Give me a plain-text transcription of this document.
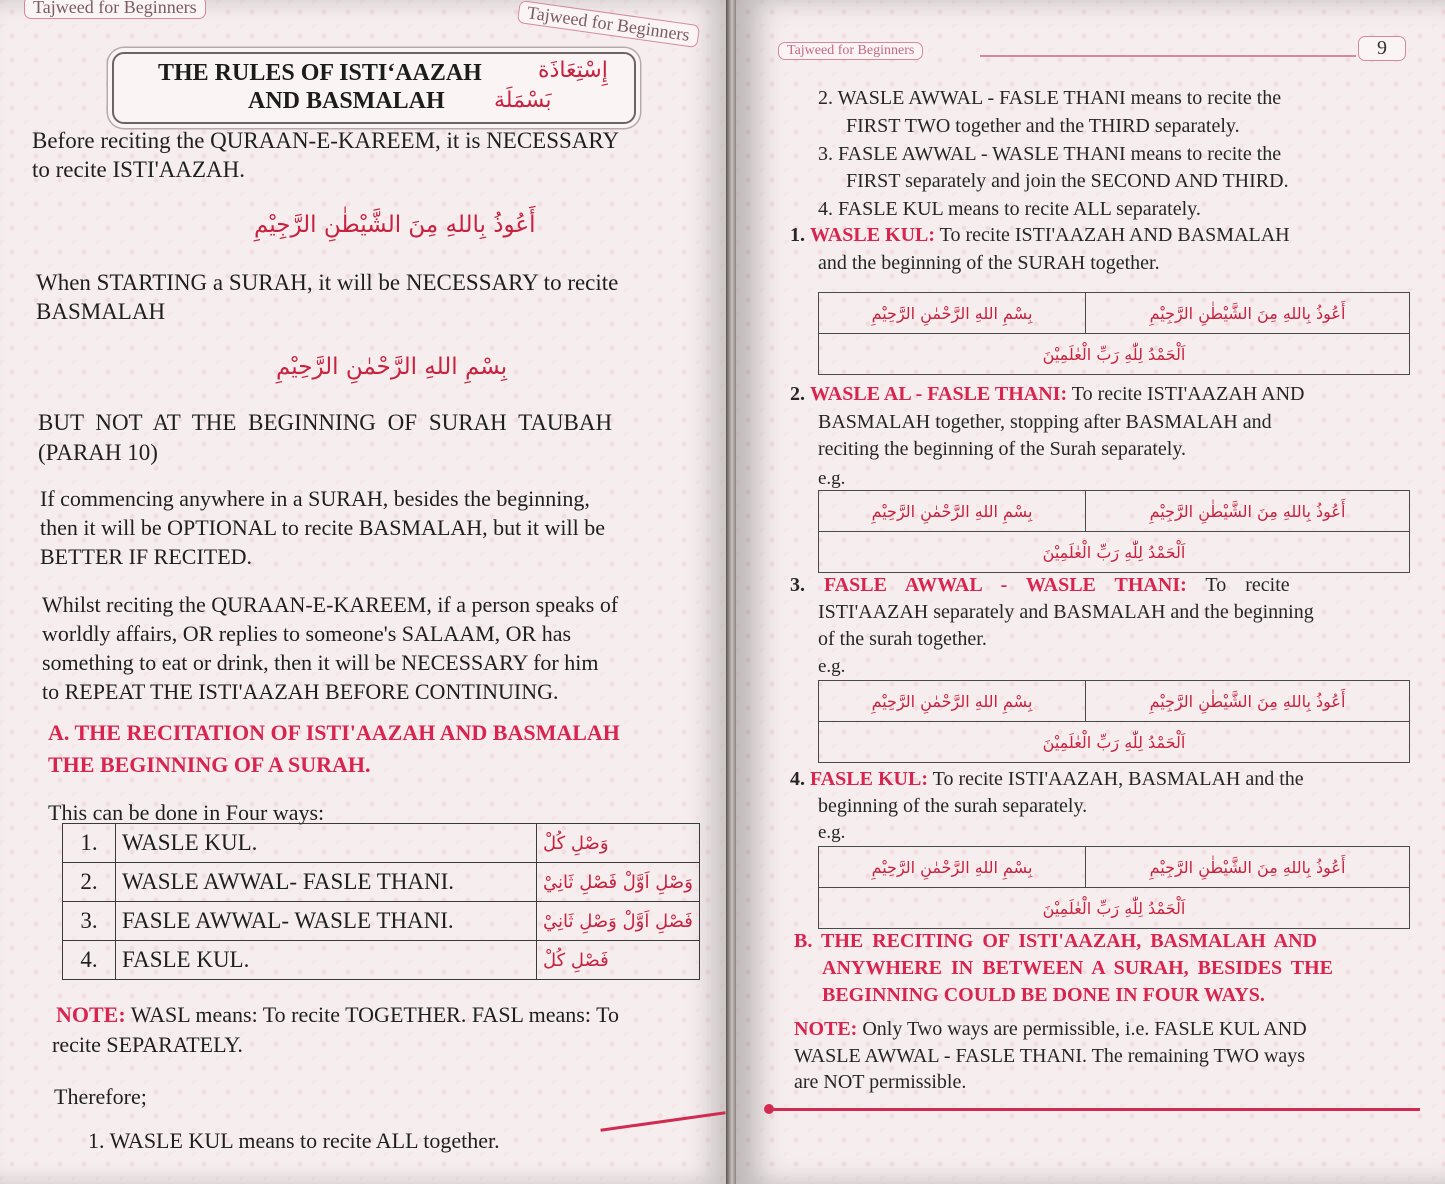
Tajweed for Beginners	Tajweed for Beginners
THE RULES OF ISTI‘AAZAH
AND BASMALAH
إِسْتِعَاذَة
بَسْمَلَة

Before reciting the QURAAN-E-KAREEM, it is NECESSARY

to recite ISTI'AAZAH.

أَعُوذُ بِاللهِ مِنَ الشَّيْطٰنِ الرَّجِيْمِ

When STARTING a SURAH, it will be NECESSARY to recite

BASMALAH

بِسْمِ اللهِ الرَّحْمٰنِ الرَّحِيْمِ

BUT NOT AT THE BEGINNING OF SURAH TAUBAH

(PARAH 10)

If commencing anywhere in a SURAH, besides the beginning,

then it will be OPTIONAL to recite BASMALAH, but it will be

BETTER IF RECITED.

Whilst reciting the QURAAN-E-KAREEM, if a person speaks of

worldly affairs, OR replies to someone's SALAAM, OR has

something to eat or drink, then it will be NECESSARY for him

to REPEAT THE ISTI'AAZAH BEFORE CONTINUING.

A. THE RECITATION OF ISTI'AAZAH AND BASMALAH

THE BEGINNING OF A SURAH.

This can be done in Four ways:

1.	WASLE KUL.	وَصْلِ كُلْ
2.	WASLE AWWAL- FASLE THANI.	وَصْلِ اَوَّلْ فَصْلِ ثَانِيْ
3.	FASLE AWWAL- WASLE THANI.	فَصْلِ اَوَّلْ وَصْلِ ثَانِيْ
4.	FASLE KUL.	فَصْلِ كُلْ

NOTE: WASL means: To recite TOGETHER. FASL means: To

recite SEPARATELY.

Therefore;

1. WASLE KUL means to recite ALL together.

Tajweed for Beginners	9

2. WASLE AWWAL - FASLE THANI means to recite the

FIRST TWO together and the THIRD separately.

3. FASLE AWWAL - WASLE THANI means to recite the

FIRST separately and join the SECOND AND THIRD.

4. FASLE KUL means to recite ALL separately.

1. WASLE KUL: To recite ISTI'AAZAH AND BASMALAH

and the beginning of the SURAH together.

بِسْمِ اللهِ الرَّحْمٰنِ الرَّحِيْمِ	أَعُوذُ بِاللهِ مِنَ الشَّيْطٰنِ الرَّجِيْمِ
اَلْحَمْدُ لِلّٰهِ رَبِّ الْعٰلَمِيْنَ

2. WASLE AL - FASLE THANI: To recite ISTI'AAZAH AND

BASMALAH together, stopping after BASMALAH and

reciting the beginning of the Surah separately.

e.g.

بِسْمِ اللهِ الرَّحْمٰنِ الرَّحِيْمِ	أَعُوذُ بِاللهِ مِنَ الشَّيْطٰنِ الرَّجِيْمِ
اَلْحَمْدُ لِلّٰهِ رَبِّ الْعٰلَمِيْنَ

3. FASLE AWWAL - WASLE THANI: To recite

ISTI'AAZAH separately and BASMALAH and the beginning

of the surah together.

e.g.

بِسْمِ اللهِ الرَّحْمٰنِ الرَّحِيْمِ	أَعُوذُ بِاللهِ مِنَ الشَّيْطٰنِ الرَّجِيْمِ
اَلْحَمْدُ لِلّٰهِ رَبِّ الْعٰلَمِيْنَ

4. FASLE KUL: To recite ISTI'AAZAH, BASMALAH and the

beginning of the surah separately.

e.g.

بِسْمِ اللهِ الرَّحْمٰنِ الرَّحِيْمِ	أَعُوذُ بِاللهِ مِنَ الشَّيْطٰنِ الرَّجِيْمِ
اَلْحَمْدُ لِلّٰهِ رَبِّ الْعٰلَمِيْنَ

B. THE RECITING OF ISTI'AAZAH, BASMALAH AND

ANYWHERE IN BETWEEN A SURAH, BESIDES THE

BEGINNING COULD BE DONE IN FOUR WAYS.

NOTE: Only Two ways are permissible, i.e. FASLE KUL AND

WASLE AWWAL - FASLE THANI. The remaining TWO ways

are NOT permissible.
